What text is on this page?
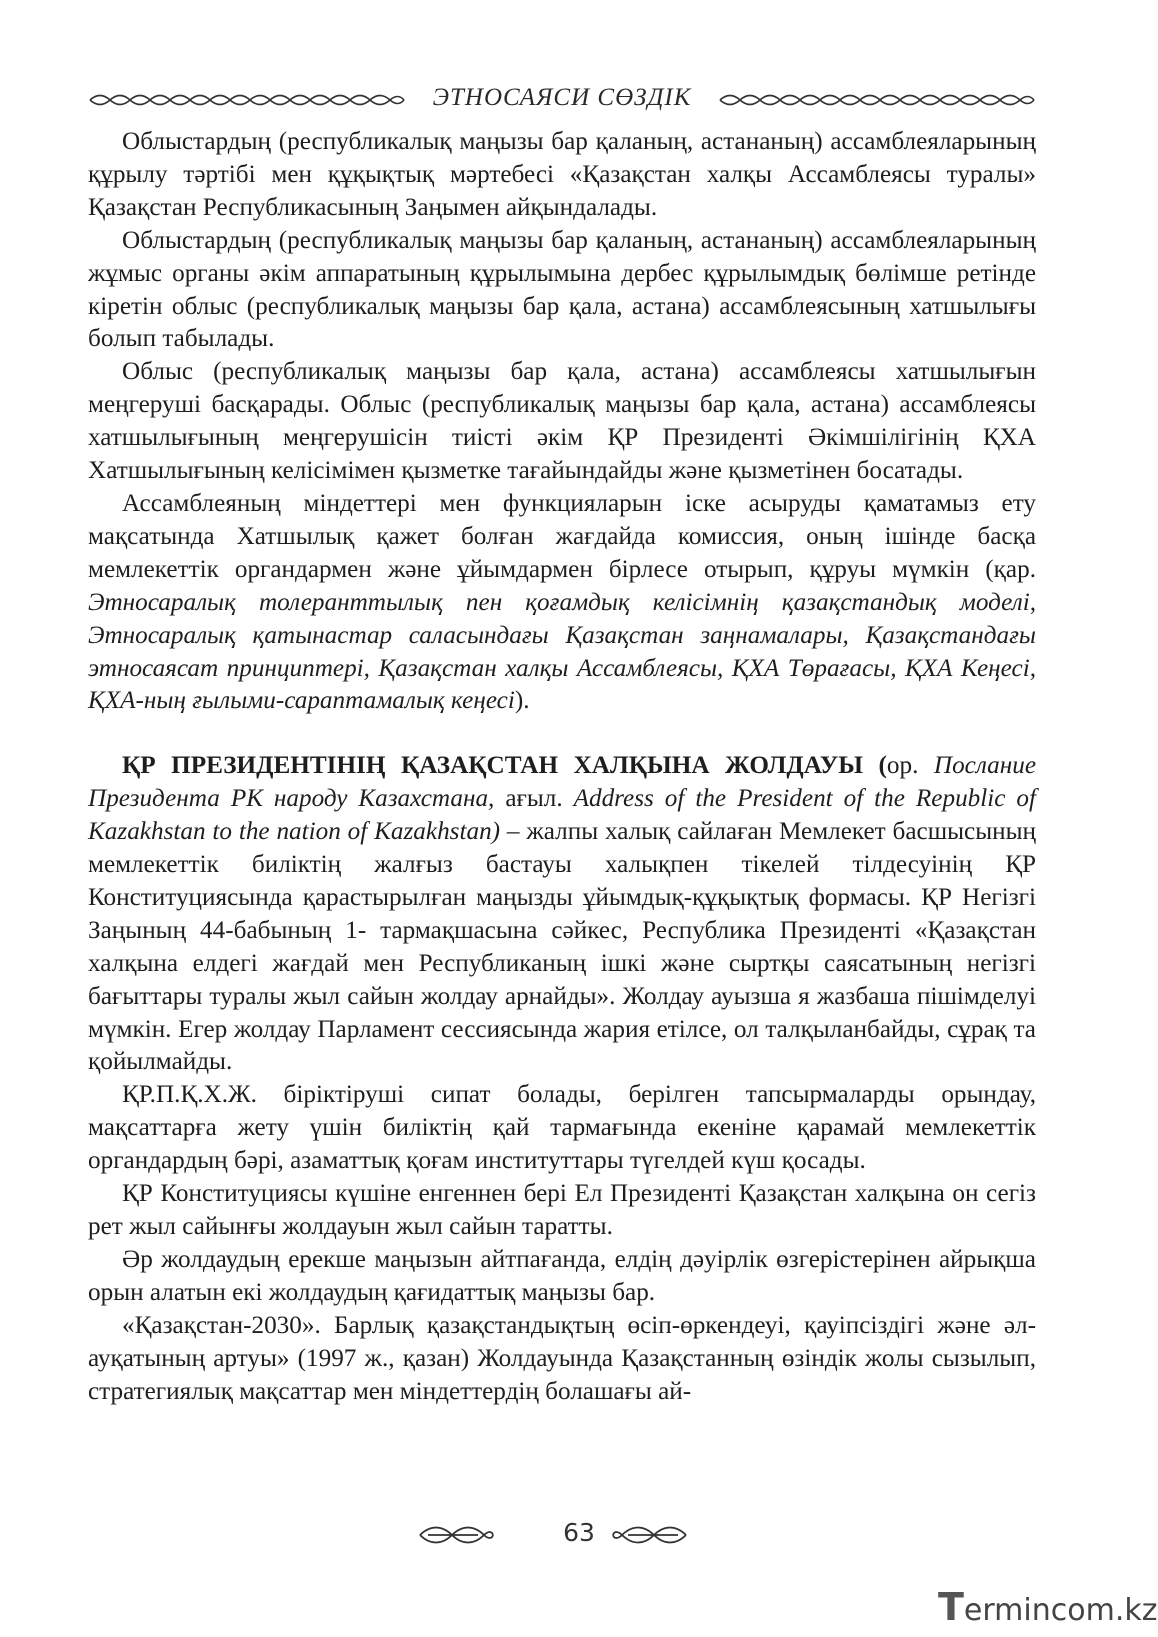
ЭТНОСАЯСИ СӨЗДІК

Облыстардың (республикалық маңызы бар қаланың, астананың) ассамблеяларының құрылу тәртібі мен құқықтық мәртебесі «Қазақстан халқы Ассамблеясы туралы» Қазақстан Республикасының Заңымен айқындалады.

Облыстардың (республикалық маңызы бар қаланың, астананың) ассамблеяларының жұмыс органы әкім аппаратының құрылымына дербес құрылымдық бөлімше ретінде кіретін облыс (республикалық маңызы бар қала, астана) ассамблеясының хатшылығы болып табылады.

Облыс (республикалық маңызы бар қала, астана) ассамблеясы хатшылығын меңгеруші басқарады. Облыс (республикалық маңызы бар қала, астана) ассамблеясы хатшылығының меңгерушісін тиісті әкім ҚР Президенті Әкімшілігінің ҚХА Хатшылығының келісімімен қызметке тағайындайды және қызметінен босатады.

Ассамблеяның міндеттері мен функцияларын іске асыруды қаматамыз ету мақсатында Хатшылық қажет болған жағдайда комиссия, оның ішінде басқа мемлекеттік органдармен және ұйымдармен бірлесе отырып, құруы мүмкін (қар. Этносаралық толеранттылық пен қоғамдық келісімнің қазақстандық моделі, Этносаралық қатынастар саласындағы Қазақстан заңнамалары, Қазақстандағы этносаясат принциптері, Қазақстан халқы Ассамблеясы, ҚХА Төрағасы, ҚХА Кеңесі, ҚХА-ның ғылыми-сараптамалық кеңесі).

ҚР ПРЕЗИДЕНТІНІҢ ҚАЗАҚСТАН ХАЛҚЫНА ЖОЛДАУЫ (ор. Послание Президента РК народу Казахстана, ағыл. Address of the President of the Republic of Kazakhstan to the nation of Kazakhstan) – жалпы халық сайлаған Мемлекет басшысының мемлекеттік биліктің жалғыз бастауы халықпен тікелей тілдесуінің ҚР Конституциясында қарастырылған маңызды ұйымдық-құқықтық формасы. ҚР Негізгі Заңының 44-бабының 1- тармақшасына сәйкес, Республика Президенті «Қазақстан халқына елдегі жағдай мен Республиканың ішкі және сыртқы саясатының негізгі бағыттары туралы жыл сайын жолдау арнайды». Жолдау ауызша я жазбаша пішімделуі мүмкін. Егер жолдау Парламент сессиясында жария етілсе, ол талқыланбайды, сұрақ та қойылмайды.

ҚР.П.Қ.Х.Ж. біріктіруші сипат болады, берілген тапсырмаларды орындау, мақсаттарға жету үшін биліктің қай тармағында екеніне қарамай мемлекеттік органдардың бәрі, азаматтық қоғам институттары түгелдей күш қосады.

ҚР Конституциясы күшіне енгеннен бері Ел Президенті Қазақстан халқына он сегіз рет жыл сайынғы жолдауын жыл сайын таратты.

Әр жолдаудың ерекше маңызын айтпағанда, елдің дәуірлік өзгерістерінен айрықша орын алатын екі жолдаудың қағидаттық маңызы бар.

«Қазақстан-2030». Барлық қазақстандықтың өсіп-өркендеуі, қауіпсіздігі және әл-ауқатының артуы» (1997 ж., қазан) Жолдауында Қазақстанның өзіндік жолы сызылып, стратегиялық мақсаттар мен міндеттердің болашағы ай-

63
Termincom.kz
